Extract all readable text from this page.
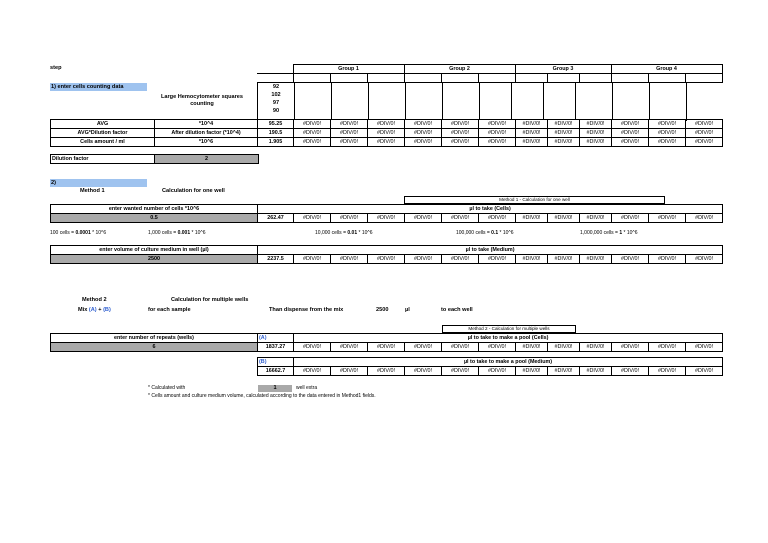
step
		Group 1			Group 2			Group 3			Group 4		

1) enter cells counting data
Large Hemocytometer squares counting
92
102
97
90
AVG	*10^4	95.25	#DIV/0!	#DIV/0!	#DIV/0!	#DIV/0!	#DIV/0!	#DIV/0!	#DIV/0!	#DIV/0!	#DIV/0!	#DIV/0!	#DIV/0!	#DIV/0!
AVG*Dilution factor	After dilution factor (*10^4)	190.5	#DIV/0!	#DIV/0!	#DIV/0!	#DIV/0!	#DIV/0!	#DIV/0!	#DIV/0!	#DIV/0!	#DIV/0!	#DIV/0!	#DIV/0!	#DIV/0!
Cells amount / ml	*10^6	1.905	#DIV/0!	#DIV/0!	#DIV/0!	#DIV/0!	#DIV/0!	#DIV/0!	#DIV/0!	#DIV/0!	#DIV/0!	#DIV/0!	#DIV/0!	#DIV/0!
Dilution factor	2
2)
Method 1	Calculation for one well
Method 1 - Calculation for one well
enter wanted number of cells *10^6	µl to take (Cells)												
0.5	262.47	#DIV/0!	#DIV/0!	#DIV/0!	#DIV/0!	#DIV/0!	#DIV/0!	#DIV/0!	#DIV/0!	#DIV/0!	#DIV/0!	#DIV/0!	#DIV/0!
100 cells = 0.0001 * 10^6	1,000 cells = 0.001 * 10^6	10,000 cells = 0.01 * 10^6	100,000 cells = 0.1 * 10^6	1,000,000 cells = 1 * 10^6
enter volume of culture medium in well (µl)	µl to take (Medium)												
2500	2237.5	#DIV/0!	#DIV/0!	#DIV/0!	#DIV/0!	#DIV/0!	#DIV/0!	#DIV/0!	#DIV/0!	#DIV/0!	#DIV/0!	#DIV/0!	#DIV/0!
Method 2	Calculation for multiple wells
Mix (A) + (B)	for each sample	Than dispense from the mix	2500	µl	to each well
Method 2 - Calculation for multiple wells
enter number of repeats (wells)	(A)	µl to take to make a pool (Cells)											
6	1837.27	#DIV/0!	#DIV/0!	#DIV/0!	#DIV/0!	#DIV/0!	#DIV/0!	#DIV/0!	#DIV/0!	#DIV/0!	#DIV/0!	#DIV/0!	#DIV/0!
(B)	µl to take to make a pool (Medium)											
16662.7	#DIV/0!	#DIV/0!	#DIV/0!	#DIV/0!	#DIV/0!	#DIV/0!	#DIV/0!	#DIV/0!	#DIV/0!	#DIV/0!	#DIV/0!	#DIV/0!
* Calculated with	1	well extra
* Cells amount and culture medium volume, calculated according to the data entered in Method1 fields.
